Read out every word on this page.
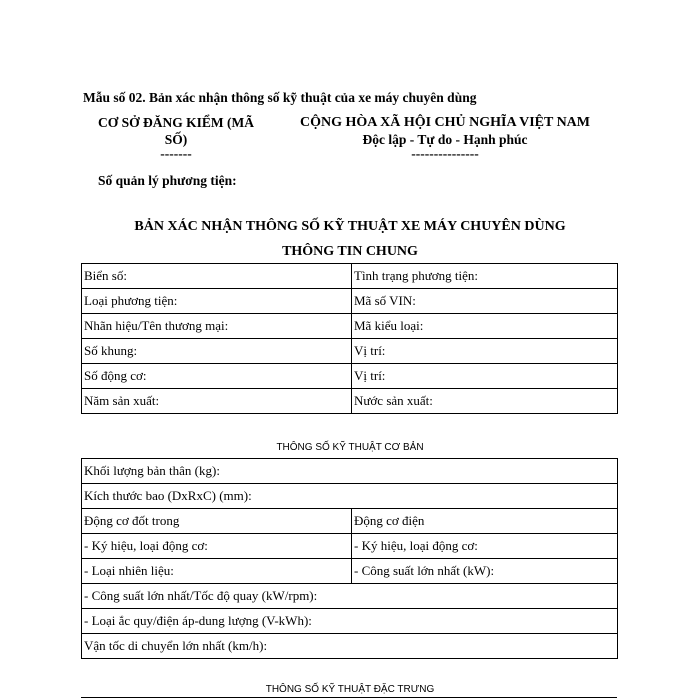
Mẫu số 02. Bản xác nhận thông số kỹ thuật của xe máy chuyên dùng
CƠ SỞ ĐĂNG KIỂM (MÃ
SỐ)
-------
CỘNG HÒA XÃ HỘI CHỦ NGHĨA VIỆT NAM
Độc lập - Tự do - Hạnh phúc
---------------
Số quản lý phương tiện:
BẢN XÁC NHẬN THÔNG SỐ KỸ THUẬT XE MÁY CHUYÊN DÙNG
THÔNG TIN CHUNG
Biển số:	Tình trạng phương tiện:
Loại phương tiện:	Mã số VIN:
Nhãn hiệu/Tên thương mại:	Mã kiểu loại:
Số khung:	Vị trí:
Số động cơ:	Vị trí:
Năm sản xuất:	Nước sản xuất:
THÔNG SỐ KỸ THUẬT CƠ BẢN
Khối lượng bản thân (kg):	
Kích thước bao (DxRxC) (mm):	
Động cơ đốt trong	Động cơ điện
- Ký hiệu, loại động cơ:	- Ký hiệu, loại động cơ:
- Loại nhiên liệu:	- Công suất lớn nhất (kW):
- Công suất lớn nhất/Tốc độ quay (kW/rpm):	
- Loại ắc quy/điện áp-dung lượng (V-kWh):	
Vận tốc di chuyển lớn nhất (km/h):	
THÔNG SỐ KỸ THUẬT ĐẶC TRƯNG
